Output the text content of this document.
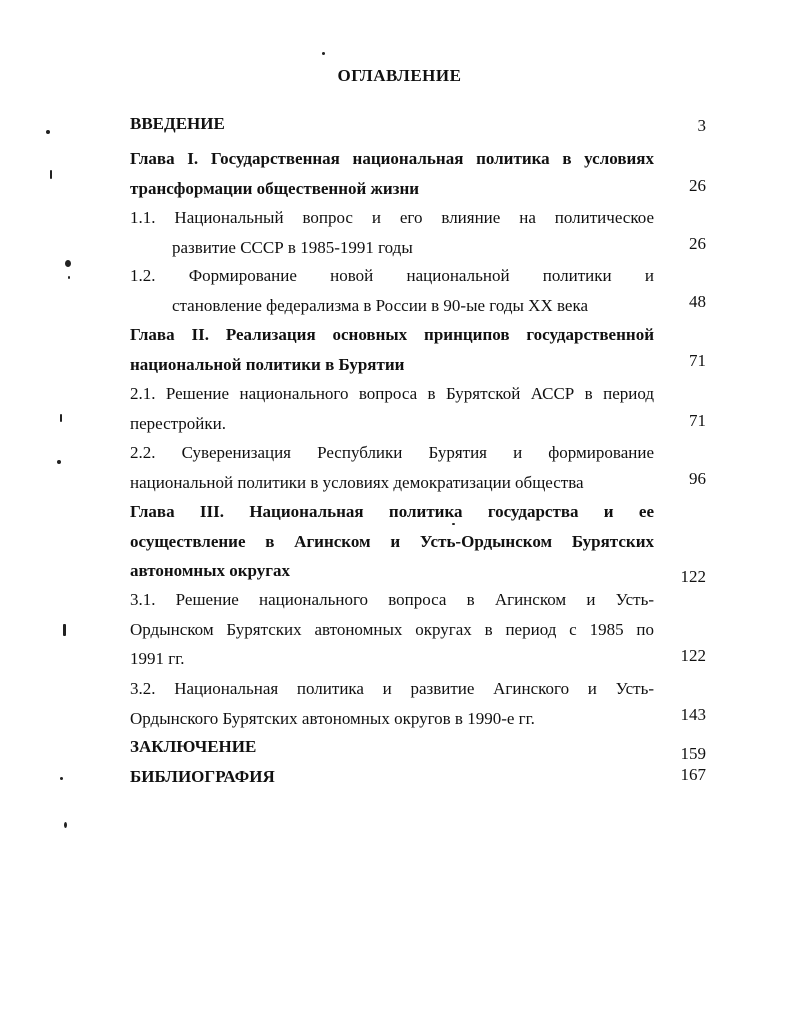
ОГЛАВЛЕНИЕ
ВВЕДЕНИЕ	3
Глава I. Государственная национальная политика в условиях
трансформации общественной жизни	26
1.1. Национальный вопрос и его влияние на политическое
развитие СССР в 1985-1991 годы	26
1.2. Формирование новой национальной политики и
становление федерализма в России в 90-ые годы XX века	48
Глава II. Реализация основных принципов государственной
национальной политики в Бурятии	71
2.1. Решение национального вопроса в Бурятской АССР в период
перестройки.	71
2.2. Суверенизация Республики Бурятия и формирование
национальной политики в условиях демократизации общества	96
Глава III. Национальная политика государства и ее
осуществление в Агинском и Усть-Ордынском Бурятских
автономных округах	122
3.1. Решение национального вопроса в Агинском и Усть-
Ордынском Бурятских автономных округах в период с 1985 по
1991 гг.	122
3.2. Национальная политика и развитие Агинского и Усть-
Ордынского Бурятских автономных округов в 1990-е гг.	143
ЗАКЛЮЧЕНИЕ	159
БИБЛИОГРАФИЯ	167
